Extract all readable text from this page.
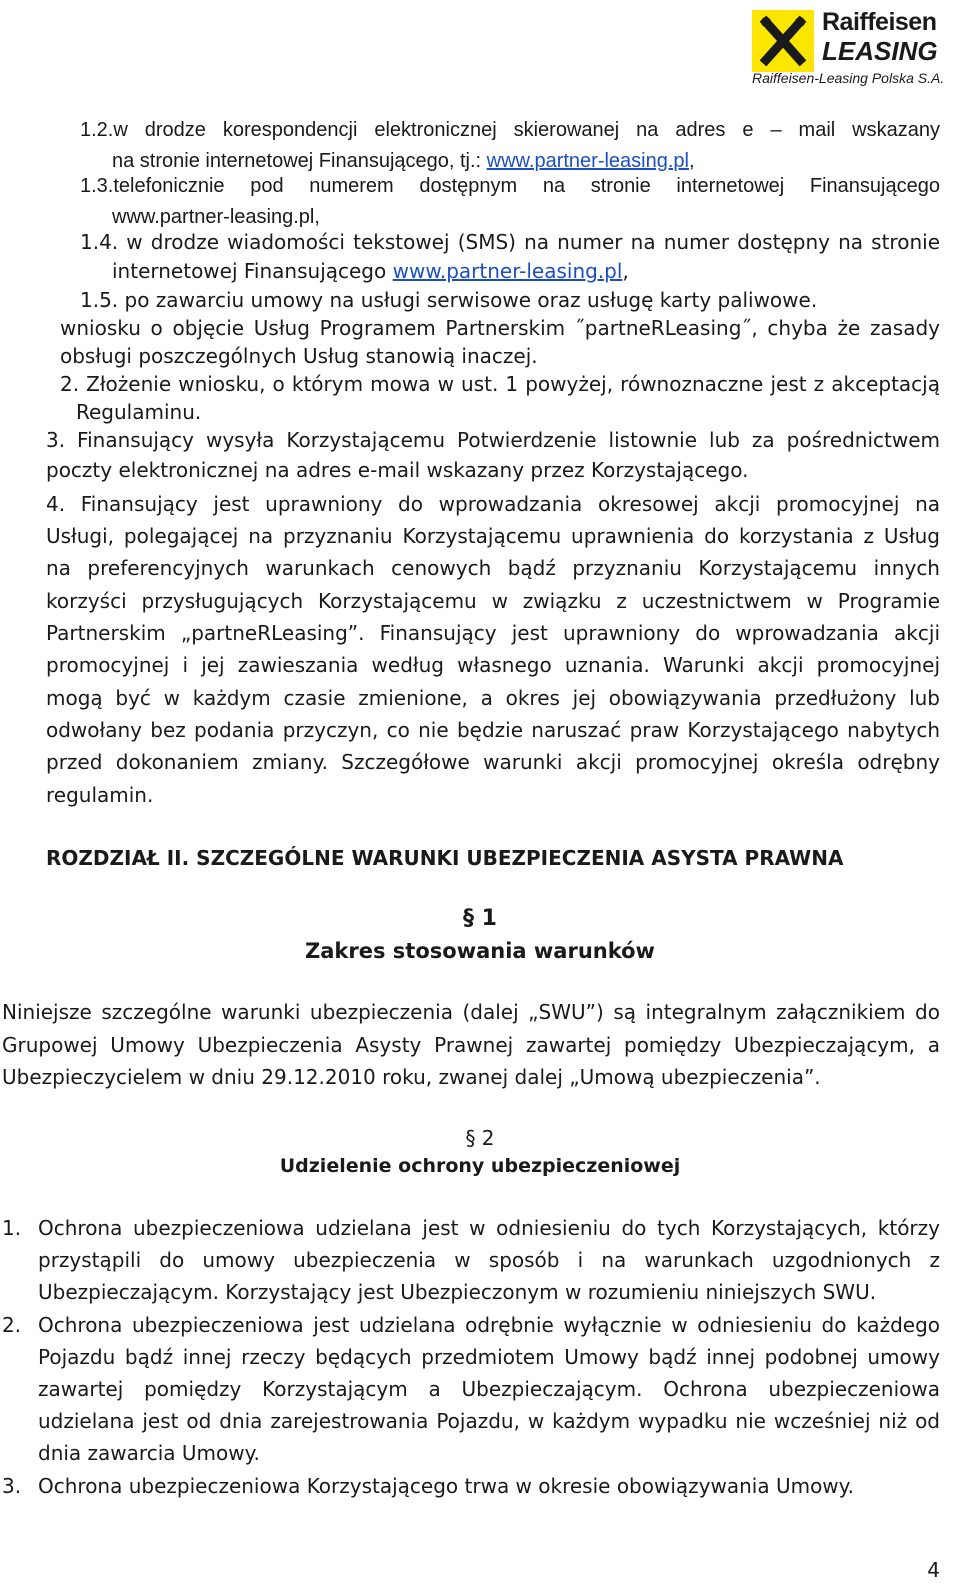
Raiffeisen
LEASING
Raiffeisen-Leasing Polska S.A.

1.2.w drodze korespondencji elektronicznej skierowanej na adres e – mail wskazany

na stronie internetowej Finansującego, tj.: www.partner-leasing.pl,

1.3.telefonicznie pod numerem dostępnym na stronie internetowej Finansującego

www.partner-leasing.pl,

1.4. w drodze wiadomości tekstowej (SMS) na numer na numer dostępny na stronie

internetowej Finansującego www.partner-leasing.pl,

1.5. po zawarciu umowy na usługi serwisowe oraz usługę karty paliwowe.

wniosku o objęcie Usług Programem Partnerskim ˝partneRLeasing˝, chyba że zasady

obsługi poszczególnych Usług stanowią inaczej.

2. Złożenie wniosku, o którym mowa w ust. 1 powyżej, równoznaczne jest z akceptacją

Regulaminu.

3. Finansujący wysyła Korzystającemu Potwierdzenie listownie lub za pośrednictwem

poczty elektronicznej na adres e-mail wskazany przez Korzystającego.

4. Finansujący jest uprawniony do wprowadzania okresowej akcji promocyjnej na

Usługi, polegającej na przyznaniu Korzystającemu uprawnienia do korzystania z Usług

na preferencyjnych warunkach cenowych bądź przyznaniu Korzystającemu innych

korzyści przysługujących Korzystającemu w związku z uczestnictwem w Programie

Partnerskim „partneRLeasing”. Finansujący jest uprawniony do wprowadzania akcji

promocyjnej i jej zawieszania według własnego uznania. Warunki akcji promocyjnej

mogą być w każdym czasie zmienione, a okres jej obowiązywania przedłużony lub

odwołany bez podania przyczyn, co nie będzie naruszać praw Korzystającego nabytych

przed dokonaniem zmiany. Szczegółowe warunki akcji promocyjnej określa odrębny

regulamin.

ROZDZIAŁ II. SZCZEGÓLNE WARUNKI UBEZPIECZENIA ASYSTA PRAWNA

§ 1

Zakres stosowania warunków

Niniejsze szczególne warunki ubezpieczenia (dalej „SWU”) są integralnym załącznikiem do

Grupowej Umowy Ubezpieczenia Asysty Prawnej zawartej pomiędzy Ubezpieczającym, a

Ubezpieczycielem w dniu 29.12.2010 roku, zwanej dalej „Umową ubezpieczenia”.

§ 2

Udzielenie ochrony ubezpieczeniowej

1. Ochrona ubezpieczeniowa udzielana jest w odniesieniu do tych Korzystających, którzy

przystąpili do umowy ubezpieczenia w sposób i na warunkach uzgodnionych z

Ubezpieczającym. Korzystający jest Ubezpieczonym w rozumieniu niniejszych SWU.

2. Ochrona ubezpieczeniowa jest udzielana odrębnie wyłącznie w odniesieniu do każdego

Pojazdu bądź innej rzeczy będących przedmiotem Umowy bądź innej podobnej umowy

zawartej pomiędzy Korzystającym a Ubezpieczającym. Ochrona ubezpieczeniowa

udzielana jest od dnia zarejestrowania Pojazdu, w każdym wypadku nie wcześniej niż od

dnia zawarcia Umowy.

3. Ochrona ubezpieczeniowa Korzystającego trwa w okresie obowiązywania Umowy.

4
